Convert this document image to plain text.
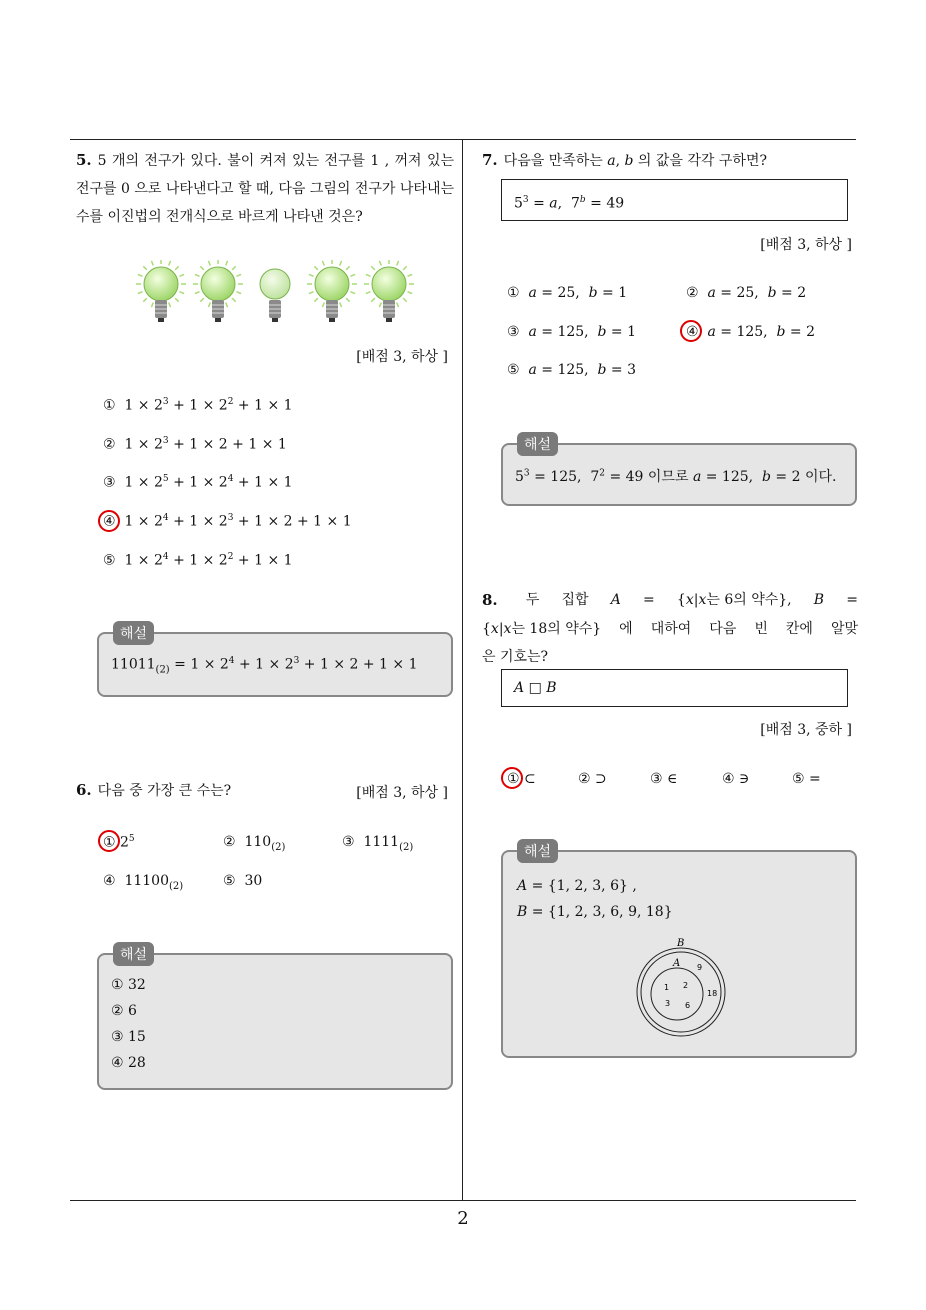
2
5. 5 개의 전구가 있다. 불이 켜져 있는 전구를 1 , 꺼져 있는 전구를 0 으로 나타낸다고 할 때, 다음 그림의 전구가 나타내는 수를 이진법의 전개식으로 바르게 나타낸 것은?
[배점 3, 하상 ]
①  $1 \times 2^3 + 1 \times 2^2 + 1 \times 1$
②  $1 \times 2^3 + 1 \times 2 + 1 \times 1$
③  $1 \times 2^5 + 1 \times 2^4 + 1 \times 1$
④  $1 \times 2^4 + 1 \times 2^3 + 1 \times 2 + 1 \times 1$
⑤  $1 \times 2^4 + 1 \times 2^2 + 1 \times 1$
해설
$11011_{(2)} = 1 \times 2^4 + 1 \times 2^3 + 1 \times 2 + 1 \times 1$
6. 다음 중 가장 큰 수는?	[배점 3, 하상 ]
① $2^5$	②  $110_{(2)}$	③  $1111_{(2)}$
④  $11100_{(2)}$	⑤  30
해설
① 32
② 6
③ 15
④ 28
7. 다음을 만족하는 a, b 의 값을 각각 구하면?
$5^3 = a$,  $7^b = 49$
[배점 3, 하상 ]
①  a = 25,  b = 1	②  a = 25,  b = 2
③  a = 125,  b = 1	④  a = 125,  b = 2
⑤  a = 125,  b = 3
해설
$5^3 = 125$,  $7^2 = 49$ 이므로 a = 125,  b = 2 이다.
8.	두 집합 A = {x|x는 6의 약수}, B =
{x|x는 18의 약수} 에 대하여 다음 빈 칸에 알맞
은 기호는?
A □ B
[배점 3, 중하 ]
① ⊂	② ⊃	③ ∈	④ ∋	⑤ =
해설
A = {1, 2, 3, 6} ,
B = {1, 2, 3, 6, 9, 18}
B
A
1 2
3 6
9
18
